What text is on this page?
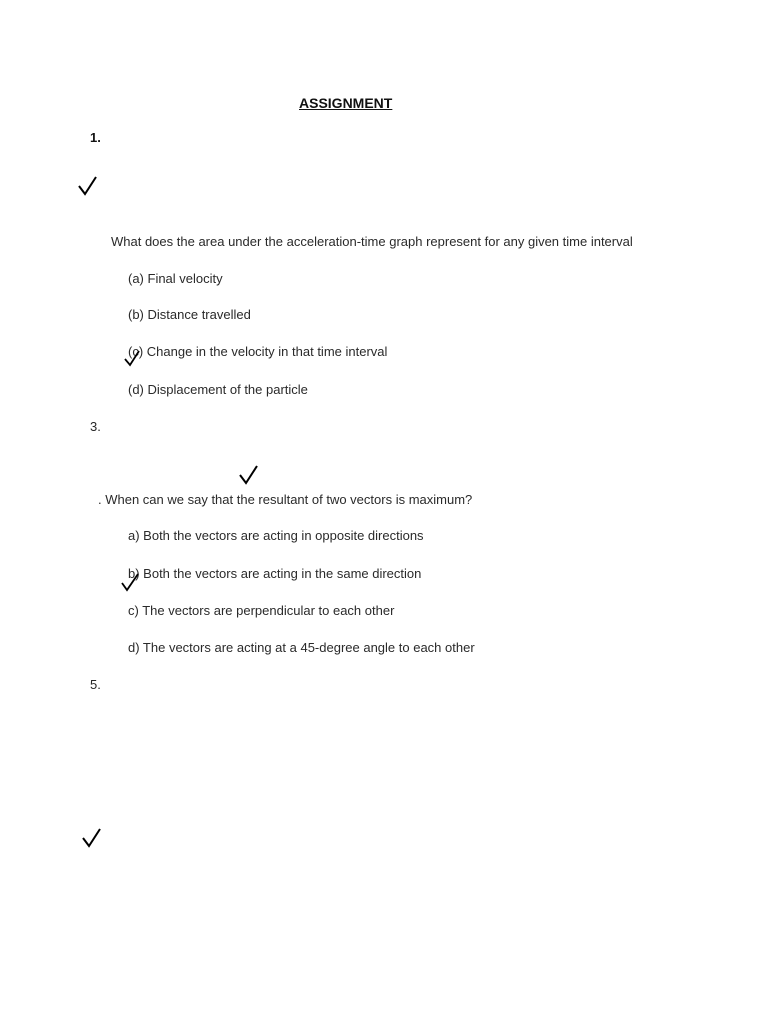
ASSIGNMENT
1.
What does the area under the acceleration-time graph represent for any given time interval
(a) Final velocity
(b) Distance travelled
(c) Change in the velocity in that time interval
(d) Displacement of the particle
3.
. When can we say that the resultant of two vectors is maximum?
a) Both the vectors are acting in opposite directions
b) Both the vectors are acting in the same direction
c) The vectors are perpendicular to each other
d) The vectors are acting at a 45-degree angle to each other
5.
